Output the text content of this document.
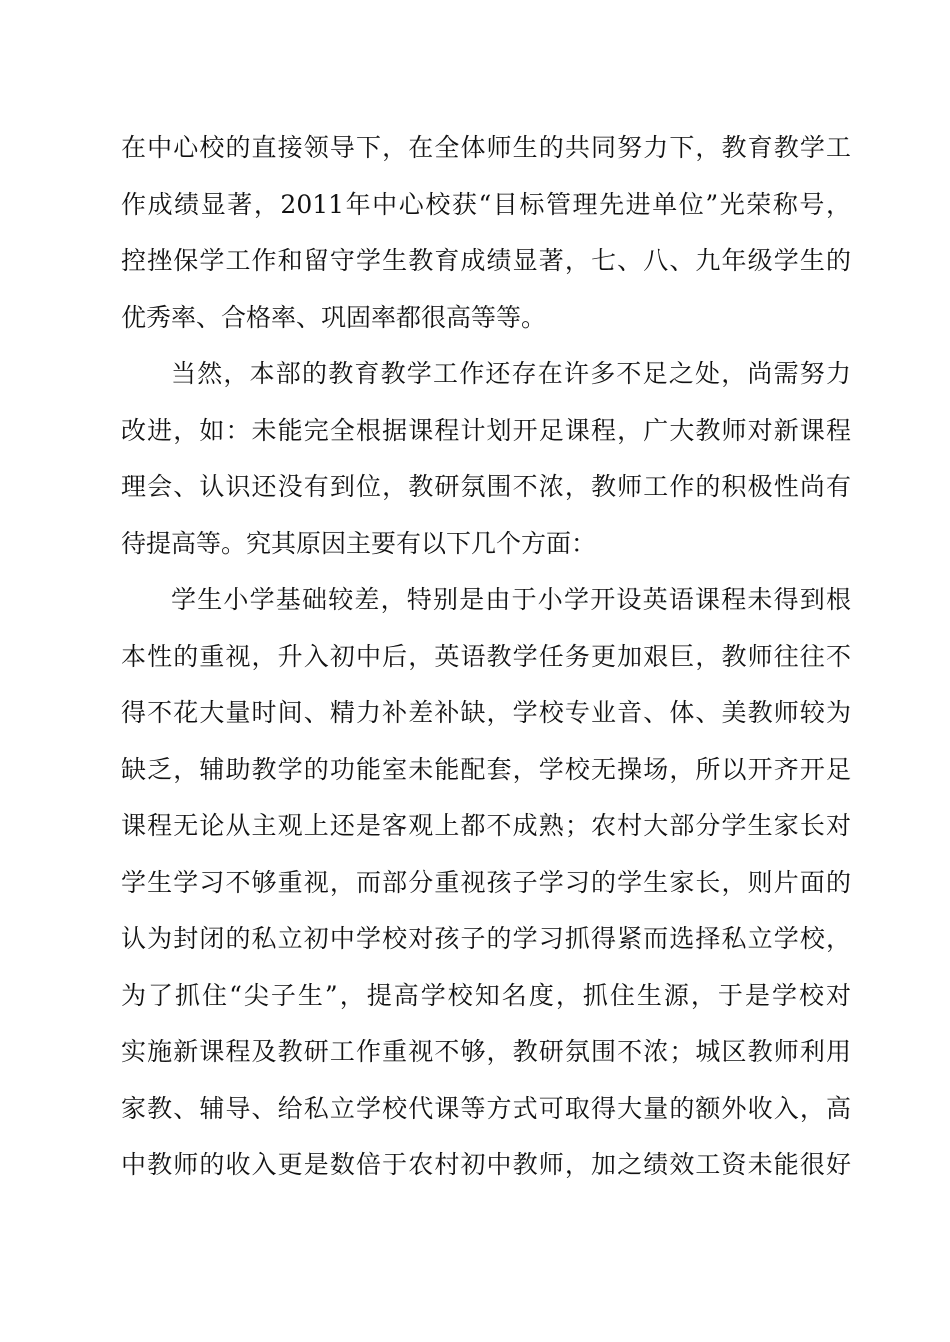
在中心校的直接领导下，在全体师生的共同努力下，教育教学工
作成绩显著，2011年中心校获“目标管理先进单位”光荣称号，
控挫保学工作和留守学生教育成绩显著，七、八、九年级学生的
优秀率、合格率、巩固率都很高等等。
当然，本部的教育教学工作还存在许多不足之处，尚需努力
改进，如：未能完全根据课程计划开足课程，广大教师对新课程
理会、认识还没有到位，教研氛围不浓，教师工作的积极性尚有
待提高等。究其原因主要有以下几个方面：
学生小学基础较差，特别是由于小学开设英语课程未得到根
本性的重视，升入初中后，英语教学任务更加艰巨，教师往往不
得不花大量时间、精力补差补缺，学校专业音、体、美教师较为
缺乏，辅助教学的功能室未能配套，学校无操场，所以开齐开足
课程无论从主观上还是客观上都不成熟；农村大部分学生家长对
学生学习不够重视，而部分重视孩子学习的学生家长，则片面的
认为封闭的私立初中学校对孩子的学习抓得紧而选择私立学校，
为了抓住“尖子生”，提高学校知名度，抓住生源，于是学校对
实施新课程及教研工作重视不够，教研氛围不浓；城区教师利用
家教、辅导、给私立学校代课等方式可取得大量的额外收入，高
中教师的收入更是数倍于农村初中教师，加之绩效工资未能很好
